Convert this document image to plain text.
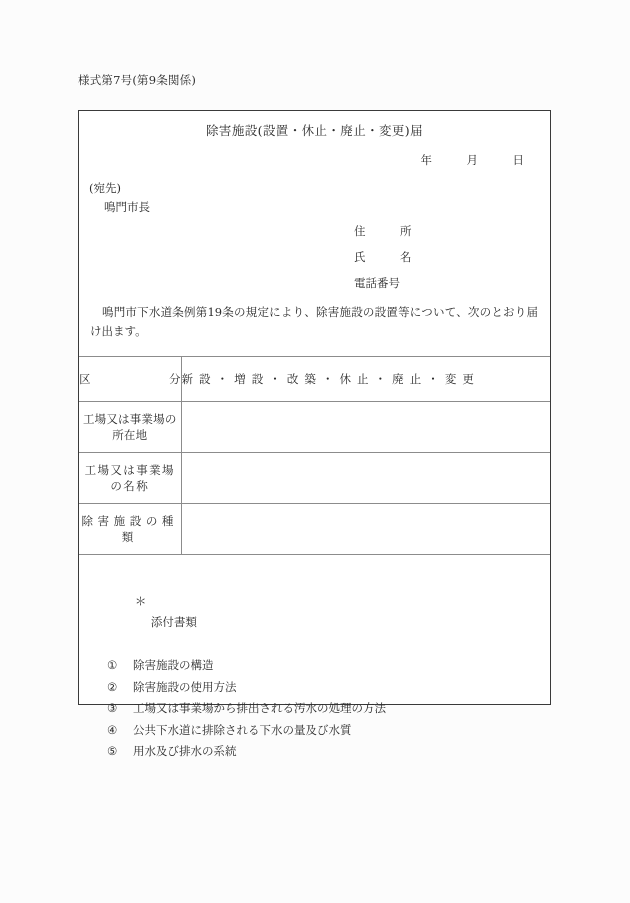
様式第7号(第9条関係)
除害施設(設置・休止・廃止・変更)届
年　　　月　　　日
(宛先)
鳴門市長
住　　　所
氏　　　名
電話番号
鳴門市下水道条例第19条の規定により、除害施設の設置等について、次のとおり届け出ます。
区 分	新 設 ・ 増 設 ・ 改 築 ・ 休 止 ・ 廃 止 ・ 変 更

工場又は事業場の所在地	

工場又は事業場の名称	

除害施設の種類	

＊
添付書類

① 除害施設の構造
② 除害施設の使用方法
③ 工場又は事業場から排出される汚水の処理の方法
④ 公共下水道に排除される下水の量及び水質
⑤ 用水及び排水の系統
